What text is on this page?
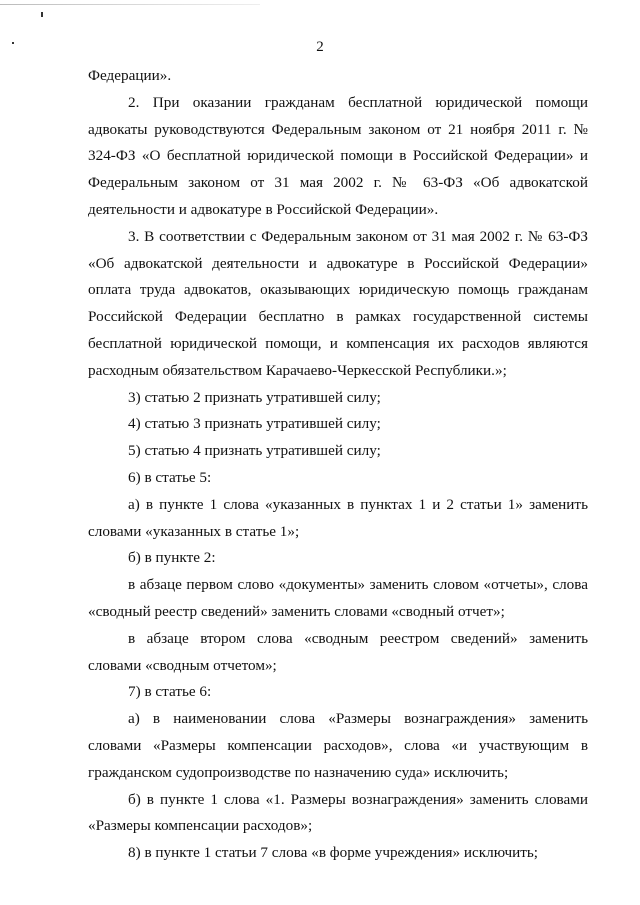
2

Федерации».

2. При оказании гражданам бесплатной юридической помощи адвокаты руководствуются Федеральным законом от 21 ноября 2011 г. № 324-ФЗ «О бесплатной юридической помощи в Российской Федерации» и Федеральным законом от 31 мая 2002 г. № 63-ФЗ «Об адвокатской деятельности и адвокатуре в Российской Федерации».

3. В соответствии с Федеральным законом от 31 мая 2002 г. № 63-ФЗ «Об адвокатской деятельности и адвокатуре в Российской Федерации» оплата труда адвокатов, оказывающих юридическую помощь гражданам Российской Федерации бесплатно в рамках государственной системы бесплатной юридической помощи, и компенсация их расходов являются расходным обязательством Карачаево-Черкесской Республики.»;

3) статью 2 признать утратившей силу;

4) статью 3 признать утратившей силу;

5) статью 4 признать утратившей силу;

6) в статье 5:

а) в пункте 1 слова «указанных в пунктах 1 и 2 статьи 1» заменить словами «указанных в статье 1»;

б) в пункте 2:

в абзаце первом слово «документы» заменить словом «отчеты», слова «сводный реестр сведений» заменить словами «сводный отчет»;

в абзаце втором слова «сводным реестром сведений» заменить словами «сводным отчетом»;

7) в статье 6:

а) в наименовании слова «Размеры вознаграждения» заменить словами «Размеры компенсации расходов», слова «и участвующим в гражданском судопроизводстве по назначению суда» исключить;

б) в пункте 1 слова «1. Размеры вознаграждения» заменить словами «Размеры компенсации расходов»;

8) в пункте 1 статьи 7 слова «в форме учреждения» исключить;
